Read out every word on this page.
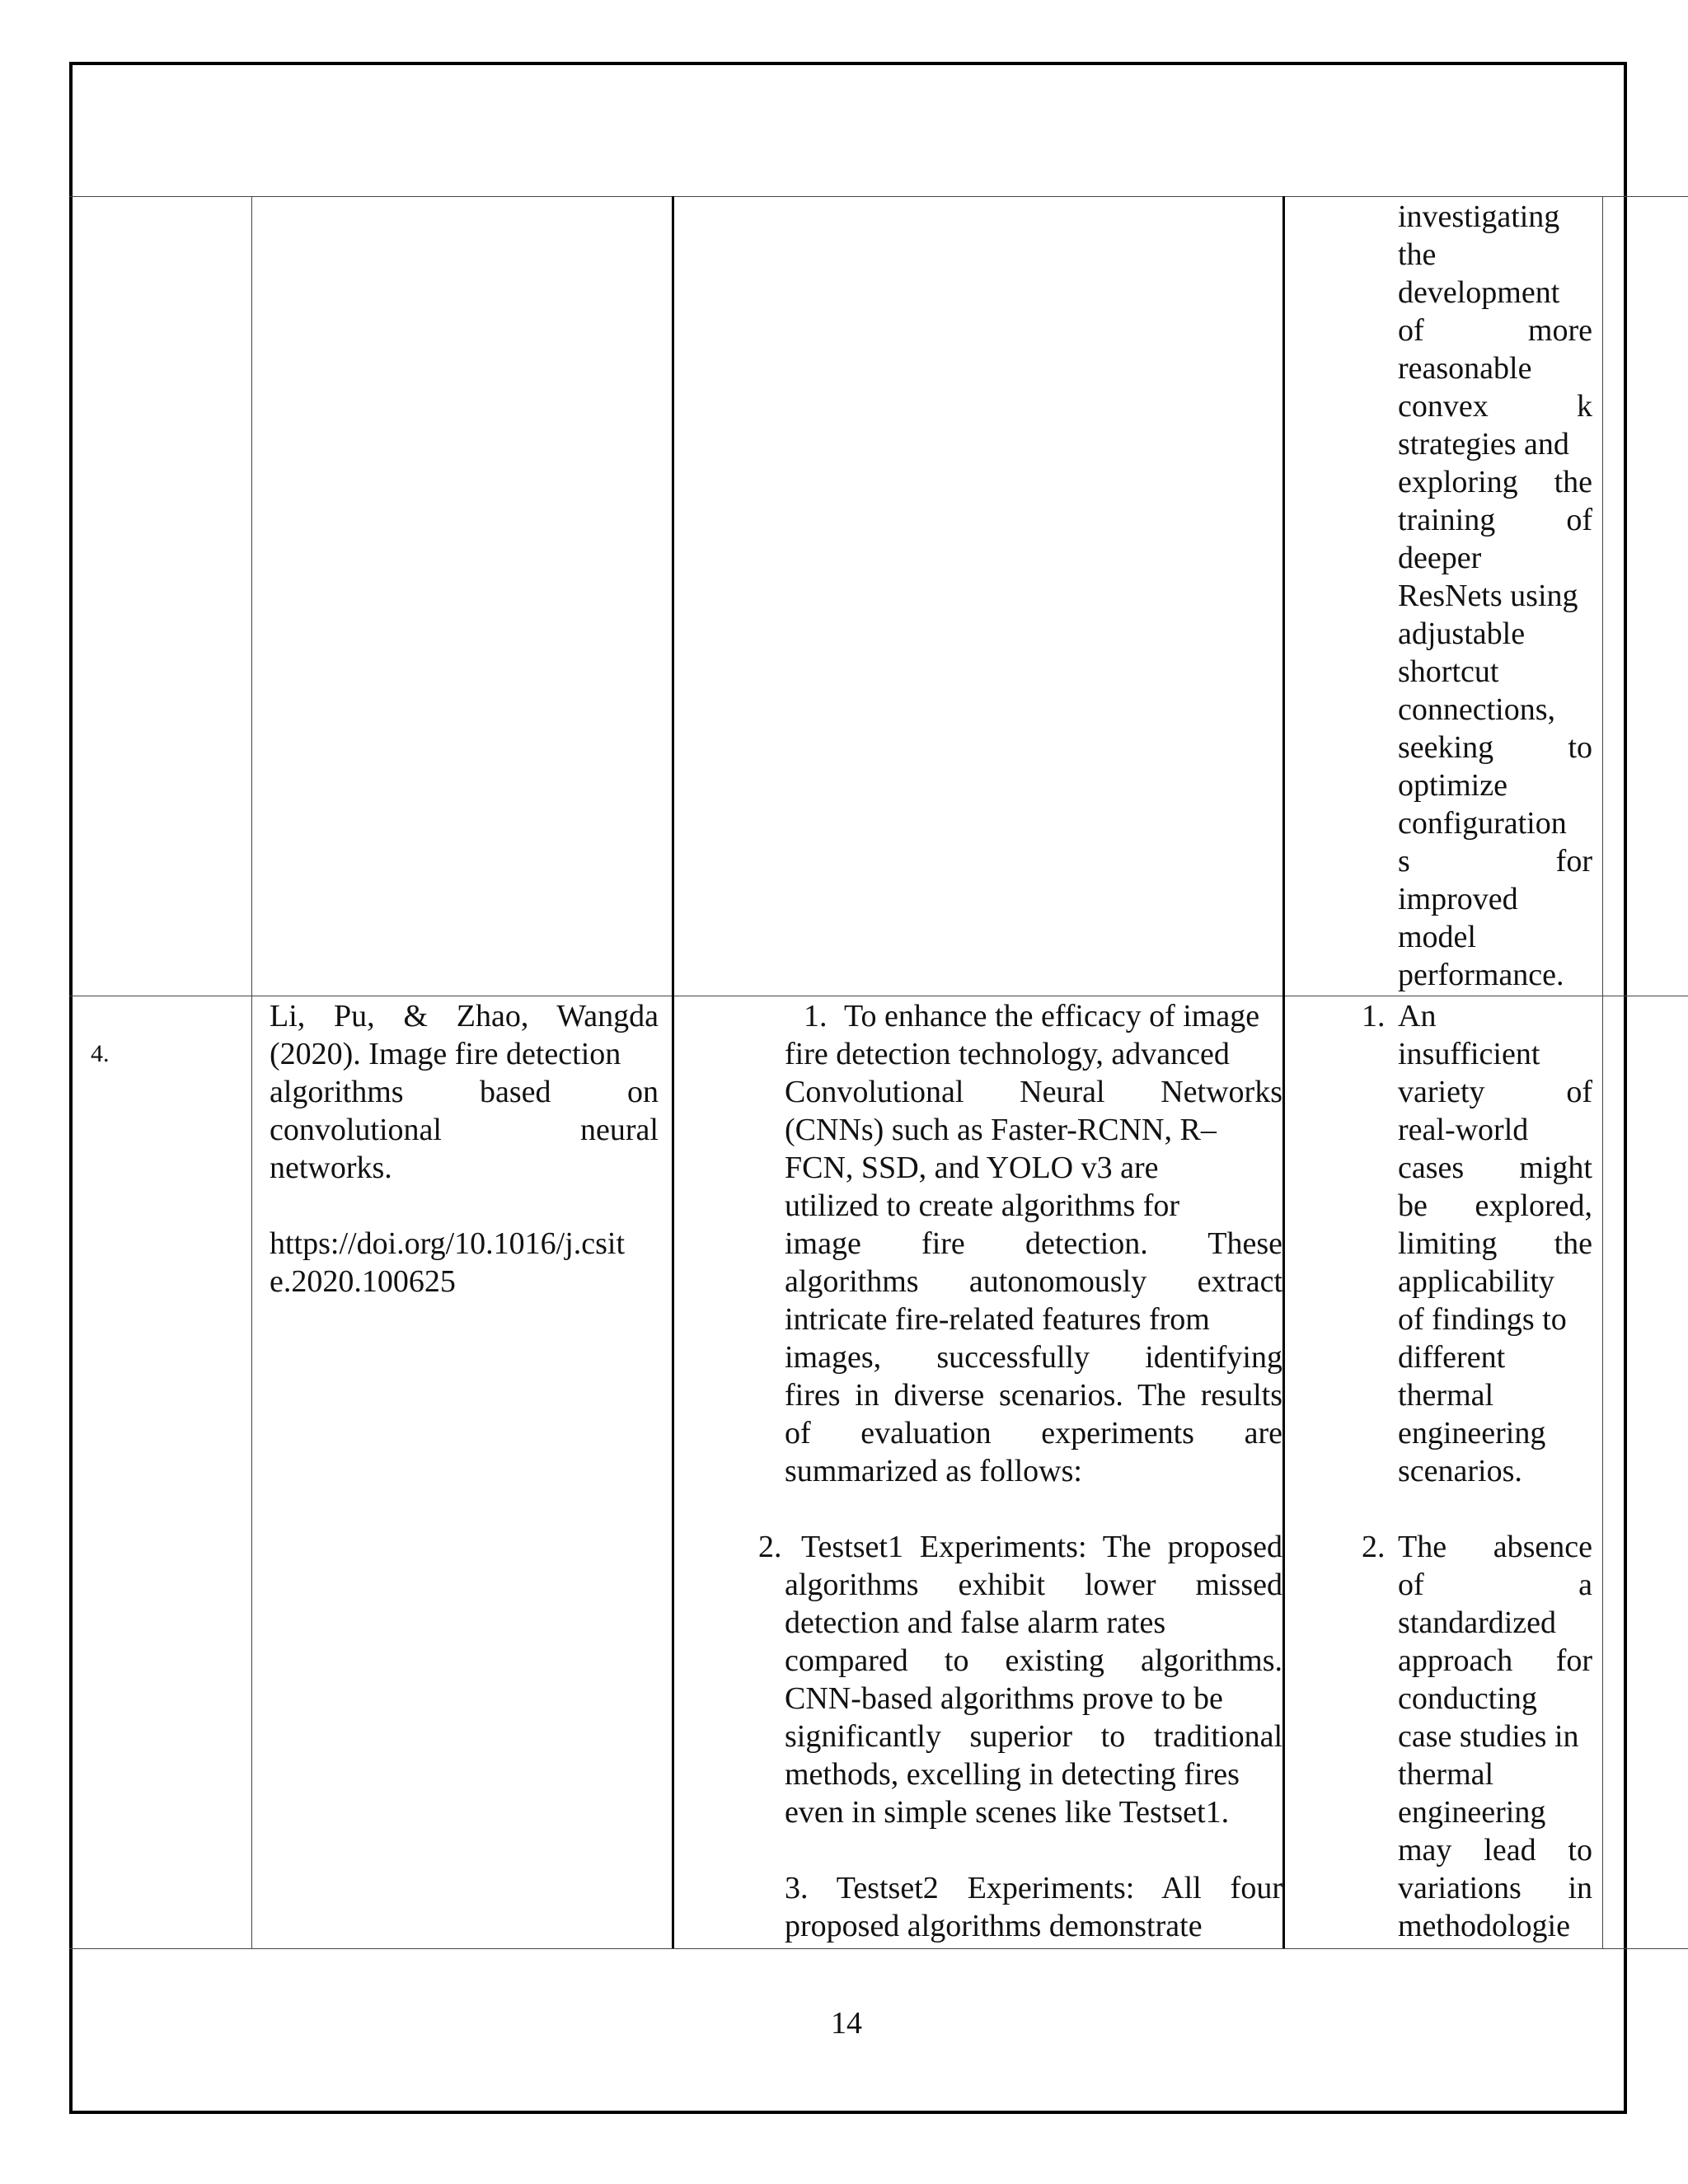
investigating
the
development
of more
reasonable
convex k
strategies and
exploring the
training of
deeper
ResNets using
adjustable
shortcut
connections,
seeking to
optimize
configuration
s for
improved
model
performance.
4.
Li, Pu, & Zhao, Wangda
(2020). Image fire detection
algorithms based on
convolutional neural
networks.
https://doi.org/10.1016/j.csit
e.2020.100625
1. To enhance the efficacy of image
fire detection technology, advanced
Convolutional Neural Networks
(CNNs) such as Faster-RCNN, R–
FCN, SSD, and YOLO v3 are
utilized to create algorithms for
image fire detection. These
algorithms autonomously extract
intricate fire-related features from
images, successfully identifying
fires in diverse scenarios. The results
of evaluation experiments are
summarized as follows:
2. Testset1 Experiments: The proposed
algorithms exhibit lower missed
detection and false alarm rates
compared to existing algorithms.
CNN-based algorithms prove to be
significantly superior to traditional
methods, excelling in detecting fires
even in simple scenes like Testset1.
3. Testset2 Experiments: All four
proposed algorithms demonstrate
1. An
insufficient
variety of
real-world
cases might
be explored,
limiting the
applicability
of findings to
different
thermal
engineering
scenarios.
2. The absence
of a
standardized
approach for
conducting
case studies in
thermal
engineering
may lead to
variations in
methodologie
14
